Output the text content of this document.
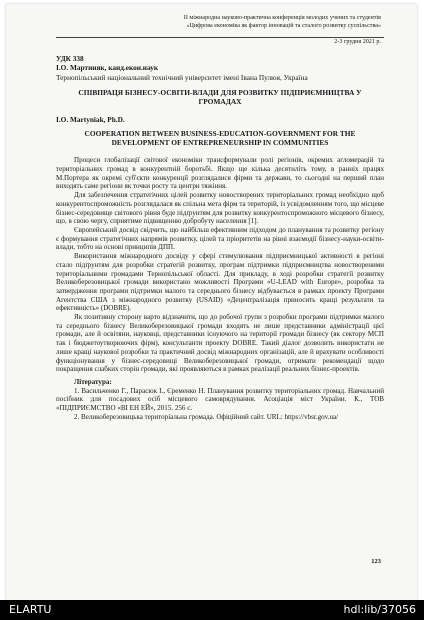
ІІ міжнародна науково-практична конференція молодих учених та студентів
«Цифрова економіка як фактор інновацій та сталого розвитку суспільства»
2-3 грудня 2021 р.
УДК 338
І.О. Мартиняк, канд.екон.наук
Тернопільський національний технічний університет імені Івана Пулюя, Україна
СПІВПРАЦЯ БІЗНЕСУ-ОСВІТИ-ВЛАДИ ДЛЯ РОЗВИТКУ ПІДПРИЄМНИЦТВА У ГРОМАДАХ
I.O. Martyniak, Ph.D.
COOPERATION BETWEEN BUSINESS-EDUCATION-GOVERNMENT FOR THE DEVELOPMENT OF ENTREPRENEURSHIP IN COMMUNITIES

Процеси глобалізації світової економіки трансформували ролі регіонів, окремих агломерацій та територіальних громад в конкурентній боротьбі. Якщо ще кілька десятиліть тому, в ранніх працях М.Портера як окремі суб'єкти конкуренції розглядалися фірми та держави, то сьогодні на перший план виходять саме регіони як точки росту та центри тяжіння.

Для забезпечення стратегічних цілей розвитку новостворених територіальних громад необхідно щоб конкурентоспроможність розглядалася як спільна мета фірм та територій, із усвідомленням того, що місцеве бізнес-середовище світового рівня буде підґрунтям для розвитку конкурентоспроможного місцевого бізнесу, що, в свою чергу, сприятиме підвищенню добробуту населення [1].

Європейський досвід свідчить, що найбільш ефективним підходом до планування та розвитку регіону є формування стратегічних напрямів розвитку, цілей та пріоритетів на рівні взаємодії бізнесу-науки-освіти-влади, тобто на основі принципів ДПП.

Використання міжнародного досвіду у сфері стимулювання підприємницької активності в регіоні стало підґрунтям для розробки стратегій розвитку, програм підтримки підприємництва новоствореними територіальними громадами Тернопільської області. Для прикладу, в ході розробки стратегії розвитку Великоберезовицької громади використано можливості Програми «U-LEAD with Europe», розробка та затвердження програми підтримки малого та середнього бізнесу відбувається в рамках проекту Програми Агентства США з міжнародного розвитку (USAID) «Децентралізація приносить кращі результати та ефективність» (DOBRE).

Як позитивну сторону варто відзначити, що до робочої групи з розробки програми підтримки малого та середнього бізнесу Великоберезовицької громади входять не лише представники адміністрації цієї громади, але й освітяни, науковці, представники існуючого на території громади бізнесу (як сектору МСП так і бюджетоутворюючих фірм), консультанти проекту DOBRE. Такий діалог дозволить використати не лише кращі наукової розробки та практичний досвід міжнародних організацій, але й врахувати особливості функціонування у бізнес-середовищі Великоберезовицької громади, отримати рекомендації щодо покращення слабких сторін громади, які проявляються в рамках реалізації реальних бізнес-проектів.

Література:

1. Васильченко Г., Парасюк І., Єременко Н. Планування розвитку територіальних громад. Навчальний посібник для посадових осіб місцевого самоврядування. Асоціація міст України. К., ТОВ «ПІДПРИЄМСТВО «ВІ ЕН ЕЙ», 2015. 256 с.

2. Великоберезовицька територіальна громада. Офіційний сайт. URL: https://vbsr.gov.ua/

123
ELARTU	hdl:lib/37056
